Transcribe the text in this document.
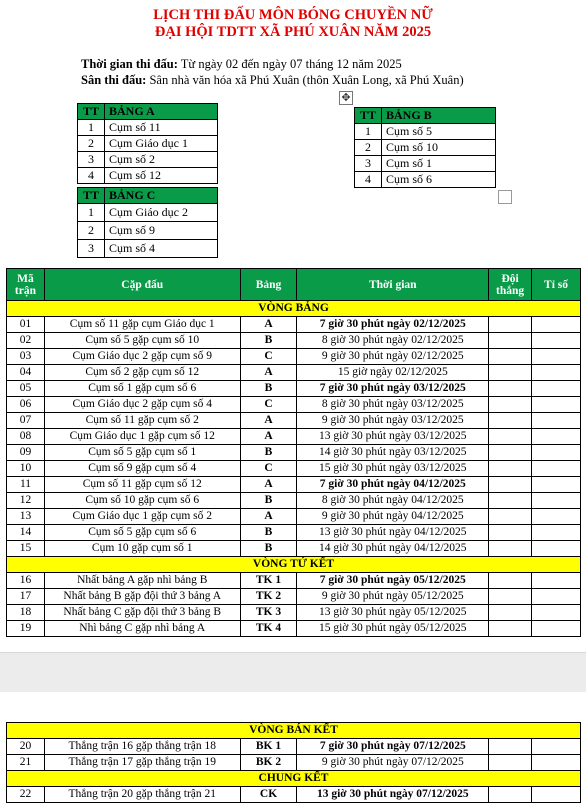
LỊCH THI ĐẤU MÔN BÓNG CHUYỀN NỮ
ĐẠI HỘI TDTT XÃ PHÚ XUÂN NĂM 2025
Thời gian thi đấu: Từ ngày 02 đến ngày 07 tháng 12 năm 2025
Sân thi đấu: Sân nhà văn hóa xã Phú Xuân (thôn Xuân Long, xã Phú Xuân)
✥
TT	BẢNG A
1	Cụm số 11
2	Cụm Giáo dục 1
3	Cụm số 2
4	Cụm số 12
TT	BẢNG B
1	Cụm số 5
2	Cụm số 10
3	Cụm số 1
4	Cụm số 6
TT	BẢNG C
1	Cụm Giáo dục 2
2	Cụm số 9
3	Cụm số 4
Mã trận	Cặp đấu	Bảng	Thời gian	Đội thắng	Tỉ số
VÒNG BẢNG					
01	Cụm số 11 gặp cụm Giáo dục 1	A	7 giờ 30 phút ngày 02/12/2025		
02	Cụm số 5 gặp cụm số 10	B	8 giờ 30 phút ngày 02/12/2025		
03	Cụm Giáo dục 2 gặp cụm số 9	C	9 giờ 30 phút ngày 02/12/2025		
04	Cụm số 2 gặp cụm số 12	A	15 giờ ngày 02/12/2025		
05	Cụm số 1 gặp cụm số 6	B	7 giờ 30 phút ngày 03/12/2025		
06	Cụm Giáo dục 2 gặp cụm số 4	C	8 giờ 30 phút ngày 03/12/2025		
07	Cụm số 11 gặp cụm số 2	A	9 giờ 30 phút ngày 03/12/2025		
08	Cụm Giáo dục 1 gặp cụm số 12	A	13 giờ 30 phút ngày 03/12/2025		
09	Cụm số 5 gặp cụm số 1	B	14 giờ 30 phút ngày 03/12/2025		
10	Cụm số 9 gặp cụm số 4	C	15 giờ 30 phút ngày 03/12/2025		
11	Cụm số 11 gặp cụm số 12	A	7 giờ 30 phút ngày 04/12/2025		
12	Cụm số 10 gặp cụm số 6	B	8 giờ 30 phút ngày 04/12/2025		
13	Cụm Giáo dục 1 gặp cụm số 2	A	9 giờ 30 phút ngày 04/12/2025		
14	Cụm số 5 gặp cụm số 6	B	13 giờ 30 phút ngày 04/12/2025		
15	Cụm 10 gặp cụm số 1	B	14 giờ 30 phút ngày 04/12/2025		
VÒNG TỨ KẾT					
16	Nhất bảng A gặp nhì bảng B	TK 1	7 giờ 30 phút ngày 05/12/2025		
17	Nhất bảng B gặp đội thứ 3 bảng A	TK 2	9 giờ 30 phút ngày 05/12/2025		
18	Nhất bảng C gặp đội thứ 3 bảng B	TK 3	13 giờ 30 phút ngày 05/12/2025		
19	Nhì bảng C gặp nhì bảng A	TK 4	15 giờ 30 phút ngày 05/12/2025		
VÒNG BÁN KẾT					
20	Thắng trận 16 gặp thắng trận 18	BK 1	7 giờ 30 phút ngày 07/12/2025		
21	Thắng trận 17 gặp thắng trận 19	BK 2	9 giờ 30 phút ngày 07/12/2025		
CHUNG KẾT					
22	Thắng trận 20 gặp thắng trận 21	CK	13 giờ 30 phút ngày 07/12/2025		
